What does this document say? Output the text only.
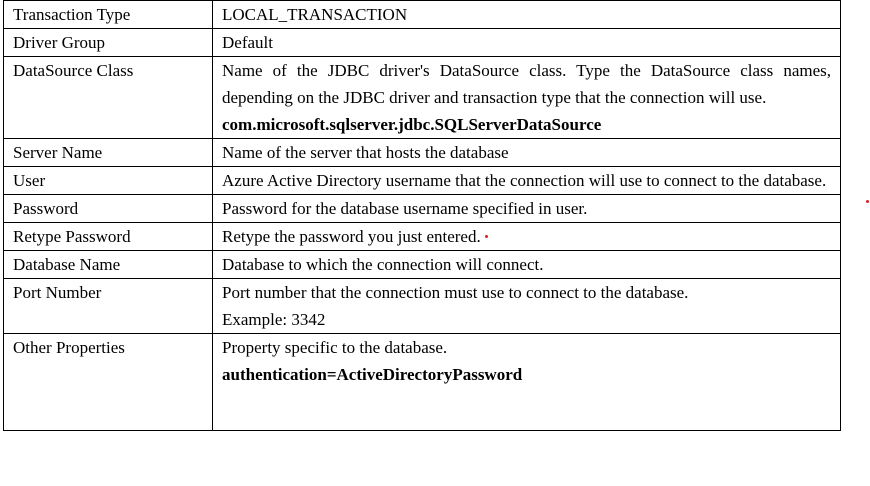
Transaction Type	LOCAL_TRANSACTION
Driver Group	Default
DataSource Class	Name of the JDBC driver's DataSource class. Type the DataSource class names, depending on the JDBC driver and transaction type that the connection will use.
com.microsoft.sqlserver.jdbc.SQLServerDataSource

Server Name	Name of the server that hosts the database
User	Azure Active Directory username that the connection will use to connect to the database.
Password	Password for the database username specified in user.
Retype Password	Retype the password you just entered.
Database Name	Database to which the connection will connect.
Port Number	Port number that the connection must use to connect to the database.
Example: 3342

Other Properties	Property specific to the database.
authentication=ActiveDirectoryPassword
